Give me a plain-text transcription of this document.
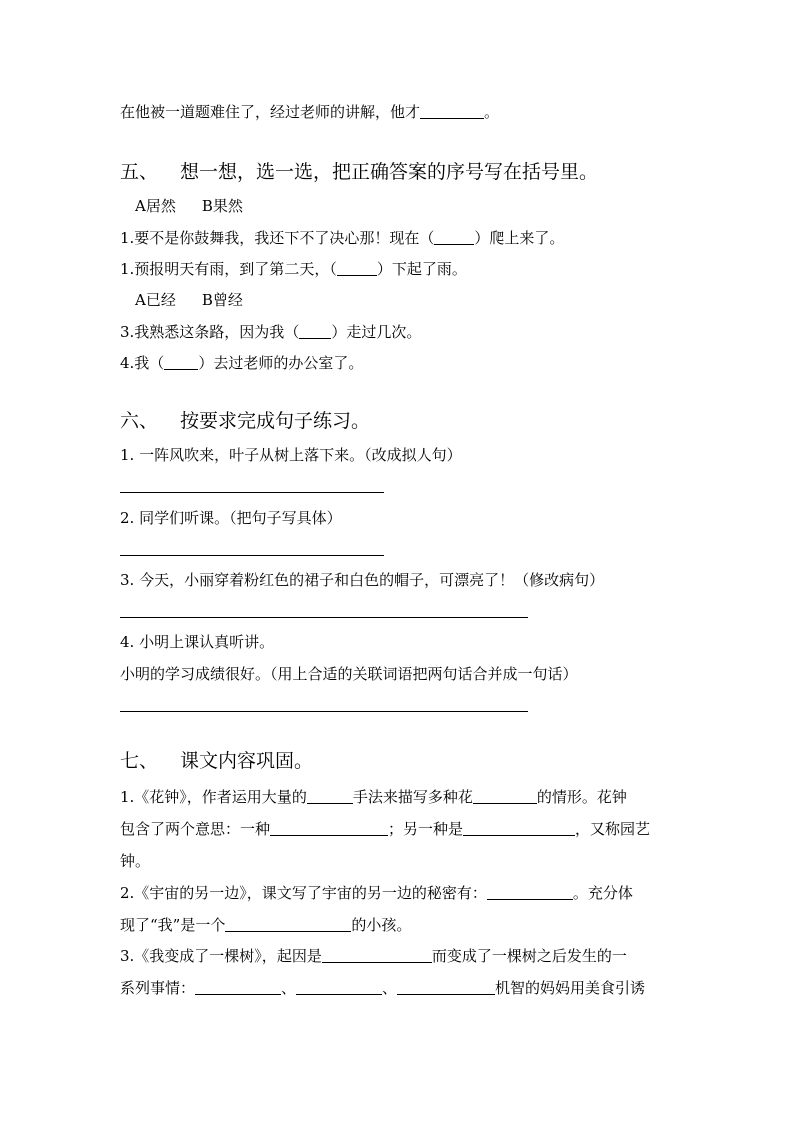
在他被一道题难住了，经过老师的讲解，他才	。
五、 想一想，选一选，把正确答案的序号写在括号里。
A居然 B果然
1.要不是你鼓舞我，我还下不了决心那！现在（	）爬上来了。
1.预报明天有雨，到了第二天，（	）下起了雨。
A已经 B曾经
3.我熟悉这条路，因为我（ ）走过几次。
4.我（ ）去过老师的办公室了。
六、 按要求完成句子练习。
1. 一阵风吹来，叶子从树上落下来。（改成拟人句）
2. 同学们听课。（把句子写具体）
3. 今天，小丽穿着粉红色的裙子和白色的帽子，可漂亮了！（修改病句）
4. 小明上课认真听讲。
小明的学习成绩很好。（用上合适的关联词语把两句话合并成一句话）
七、 课文内容巩固。
1.《花钟》，作者运用大量的	手法来描写多种花	的情形。花钟
包含了两个意思：一种	；另一种是	，又称园艺
钟。
2.《宇宙的另一边》，课文写了宇宙的另一边的秘密有：	。充分体
现了“我”是一个	的小孩。
3.《我变成了一棵树》，起因是	而变成了一棵树之后发生的一
系列事情：	、	、	机智的妈妈用美食引诱
